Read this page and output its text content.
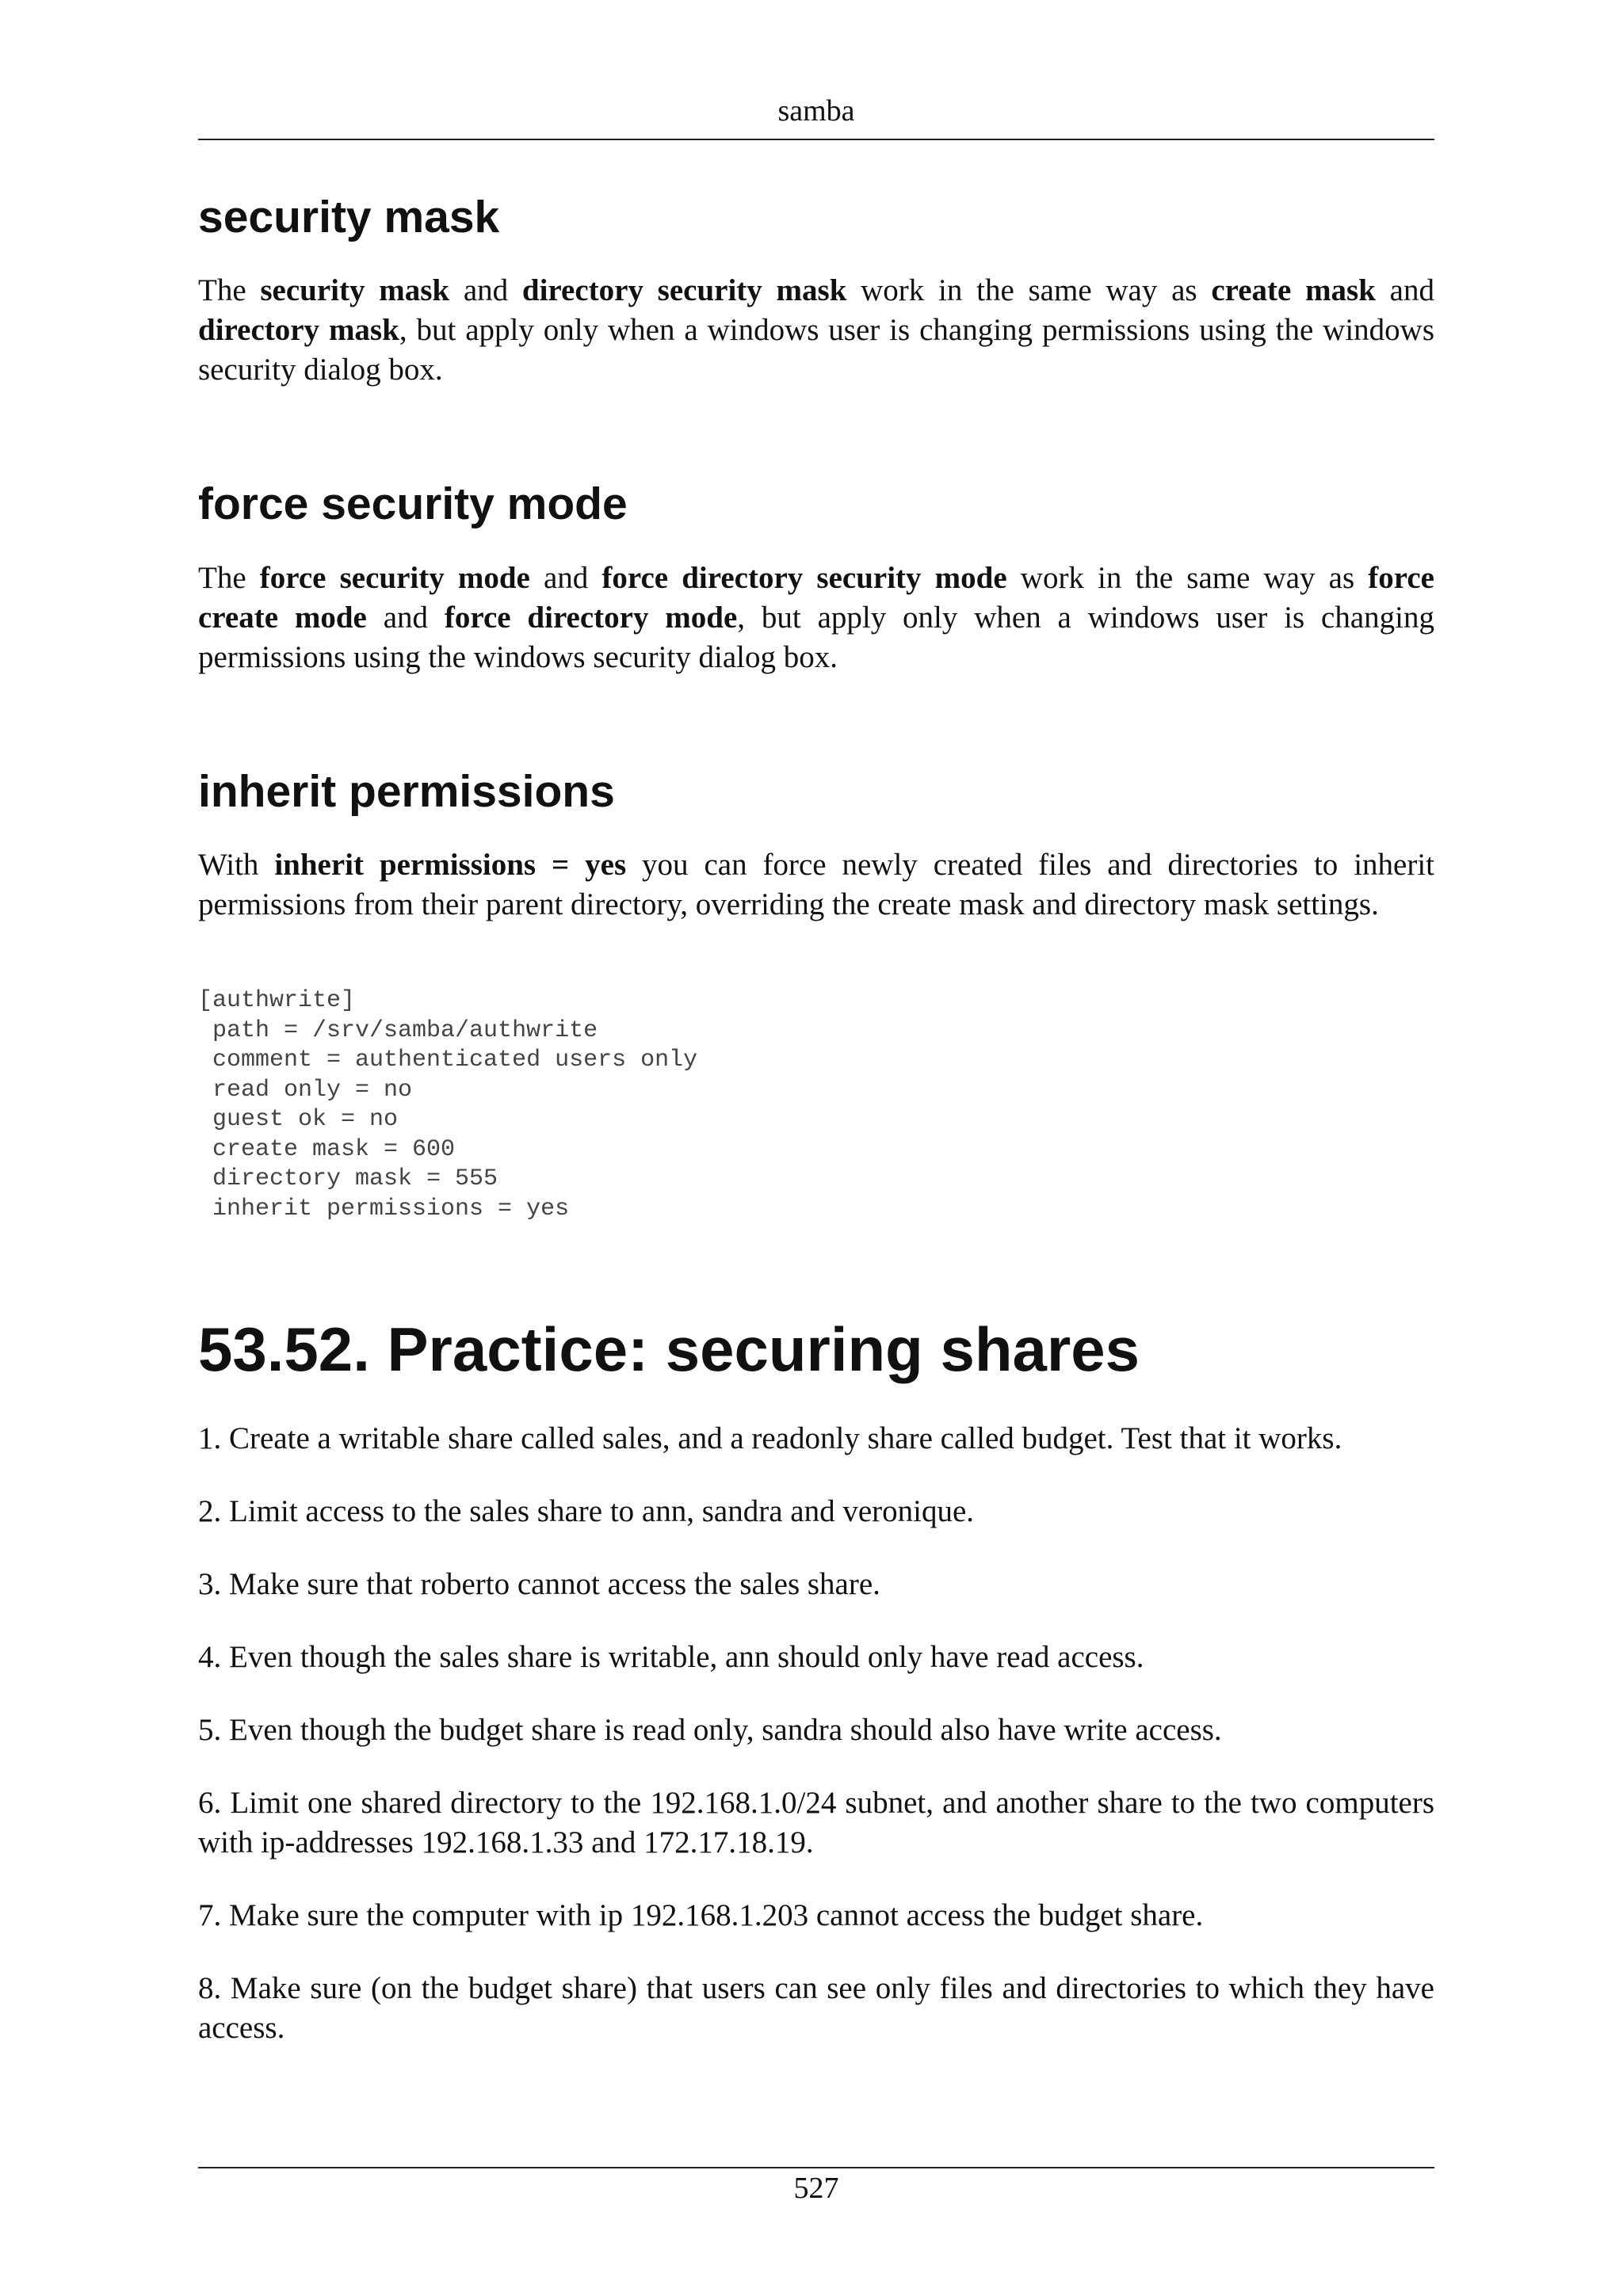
samba
security mask

The security mask and directory security mask work in the same way as create mask and directory mask, but apply only when a windows user is changing permissions using the windows security dialog box.

force security mode

The force security mode and force directory security mode work in the same way as force create mode and force directory mode, but apply only when a windows user is changing permissions using the windows security dialog box.

inherit permissions

With inherit permissions = yes you can force newly created files and directories to inherit permissions from their parent directory, overriding the create mask and directory mask settings.

[authwrite]
path = /srv/samba/authwrite
comment = authenticated users only
read only = no
guest ok = no
create mask = 600
directory mask = 555
inherit permissions = yes
53.52. Practice: securing shares
1. Create a writable share called sales, and a readonly share called budget. Test that it works.
2. Limit access to the sales share to ann, sandra and veronique.
3. Make sure that roberto cannot access the sales share.
4. Even though the sales share is writable, ann should only have read access.
5. Even though the budget share is read only, sandra should also have write access.
6. Limit one shared directory to the 192.168.1.0/24 subnet, and another share to the two computers with ip-addresses 192.168.1.33 and 172.17.18.19.
7. Make sure the computer with ip 192.168.1.203 cannot access the budget share.
8. Make sure (on the budget share) that users can see only files and directories to which they have access.
527
